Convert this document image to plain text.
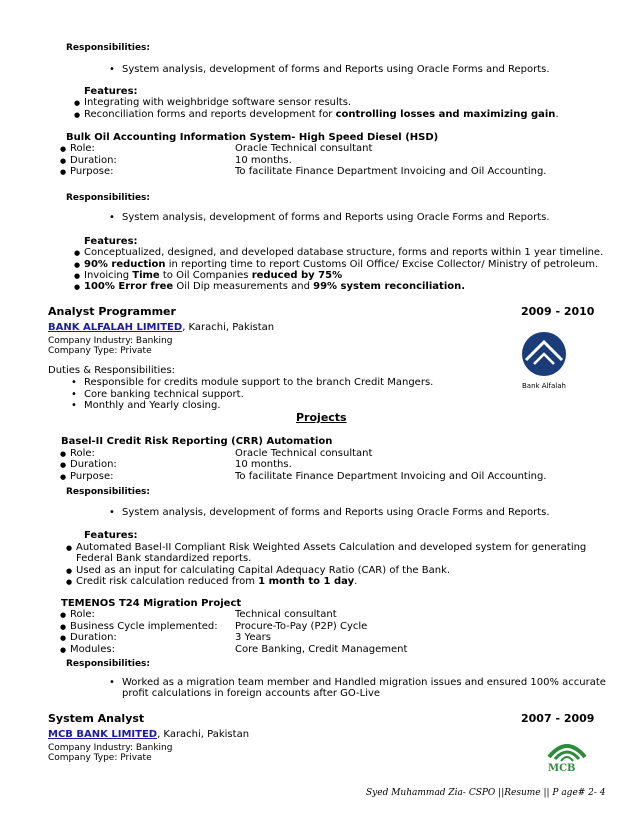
Responsibilities:
• System analysis, development of forms and Reports using Oracle Forms and Reports.
Features:
● Integrating with weighbridge software sensor results.
● Reconciliation forms and reports development for controlling losses and maximizing gain.
Bulk Oil Accounting Information System- High Speed Diesel (HSD)
● Role:	Oracle Technical consultant
● Duration:	10 months.
● Purpose:	To facilitate Finance Department Invoicing and Oil Accounting.
Responsibilities:
• System analysis, development of forms and Reports using Oracle Forms and Reports.
Features:
● Conceptualized, designed, and developed database structure, forms and reports within 1 year timeline.
● 90% reduction in reporting time to report Customs Oil Office/ Excise Collector/ Ministry of petroleum.
● Invoicing Time to Oil Companies reduced by 75%
● 100% Error free Oil Dip measurements and 99% system reconciliation.
Analyst Programmer	2009 - 2010
BANK ALFALAH LIMITED, Karachi, Pakistan
Company Industry: Banking
Company Type: Private
Bank Alfalah
Duties & Responsibilities:
• Responsible for credits module support to the branch Credit Mangers.
• Core banking technical support.
• Monthly and Yearly closing.
Projects
Basel-II Credit Risk Reporting (CRR) Automation
● Role:	Oracle Technical consultant
● Duration:	10 months.
● Purpose:	To facilitate Finance Department Invoicing and Oil Accounting.
Responsibilities:
• System analysis, development of forms and Reports using Oracle Forms and Reports.
Features:
● Automated Basel-II Compliant Risk Weighted Assets Calculation and developed system for generating
Federal Bank standardized reports.
● Used as an input for calculating Capital Adequacy Ratio (CAR) of the Bank.
● Credit risk calculation reduced from 1 month to 1 day.
TEMENOS T24 Migration Project
● Role:	Technical consultant
● Business Cycle implemented: Procure-To-Pay (P2P) Cycle
● Duration:	3 Years
● Modules:	Core Banking, Credit Management
Responsibilities:
• Worked as a migration team member and Handled migration issues and ensured 100% accurate
profit calculations in foreign accounts after GO-Live
System Analyst	2007 - 2009
MCB BANK LIMITED, Karachi, Pakistan
Company Industry: Banking
Company Type: Private
MCB
Syed Muhammad Zia- CSPO ||Resume || P age# 2- 4
